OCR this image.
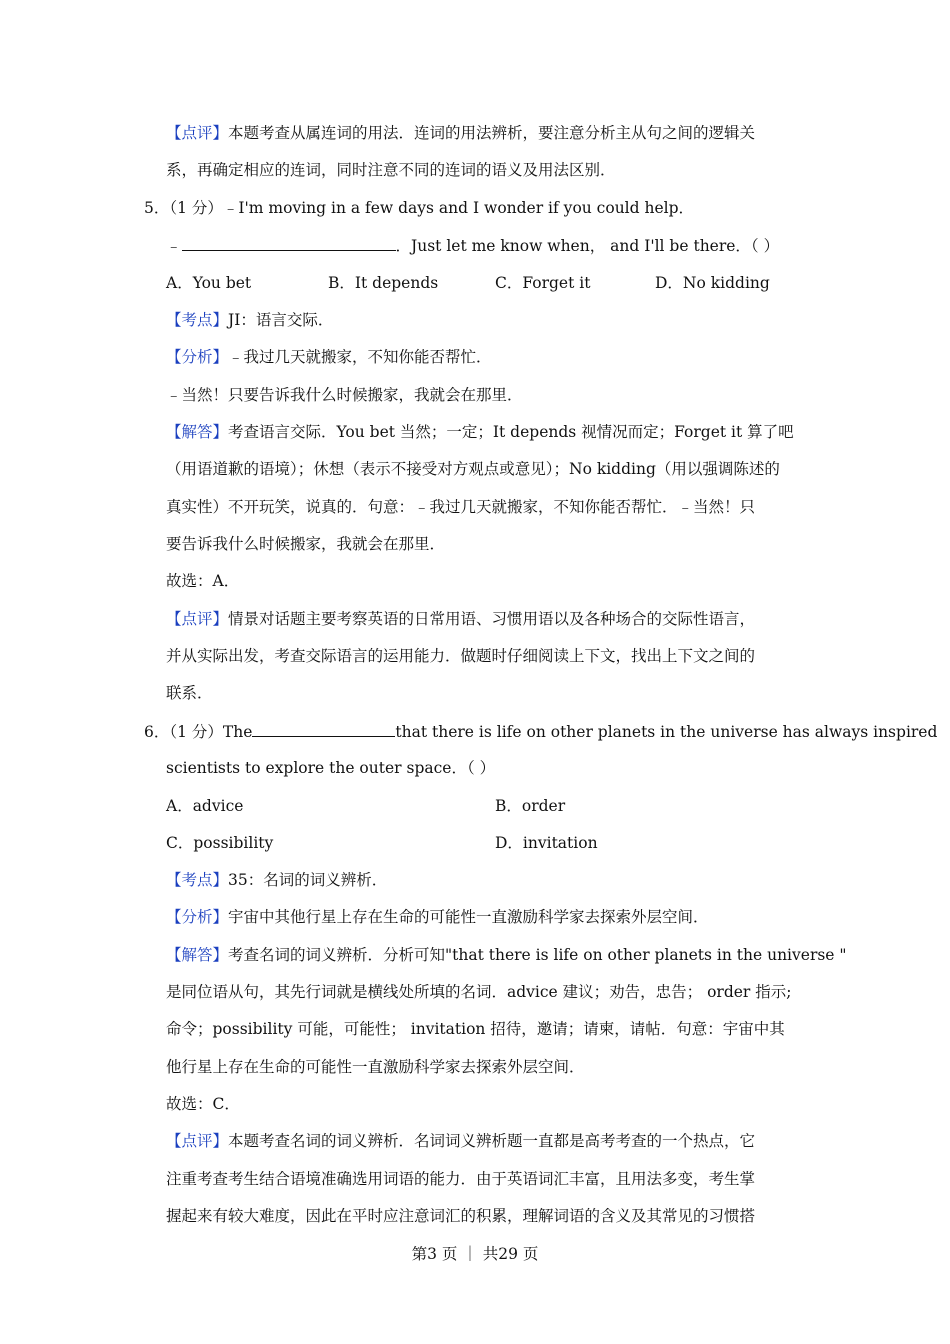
【点评】本题考查从属连词的用法．连词的用法辨析，要注意分析主从句之间的逻辑关
系，再确定相应的连词，同时注意不同的连词的语义及用法区别．
5．（1 分）﹣I'm moving in a few days and I wonder if you could help．
﹣	．Just let me know when， and I'll be there．（ ）
A．You bet	B．It depends	C．Forget it	D．No kidding
【考点】JI：语言交际．
【分析】﹣我过几天就搬家，不知你能否帮忙．
﹣当然！只要告诉我什么时候搬家，我就会在那里．
【解答】考查语言交际．You bet 当然；一定；It depends 视情况而定；Forget it 算了吧
（用语道歉的语境）；休想（表示不接受对方观点或意见）；No kidding（用以强调陈述的
真实性）不开玩笑，说真的．句意：﹣我过几天就搬家，不知你能否帮忙．﹣当然！只
要告诉我什么时候搬家，我就会在那里．
故选：A．
【点评】情景对话题主要考察英语的日常用语、习惯用语以及各种场合的交际性语言，
并从实际出发，考查交际语言的运用能力．做题时仔细阅读上下文，找出上下文之间的
联系．
6．（1 分）The	that there is life on other planets in the universe has always inspired
scientists to explore the outer space．（ ）
A．advice	B．order
C．possibility	D．invitation
【考点】35：名词的词义辨析．
【分析】宇宙中其他行星上存在生命的可能性一直激励科学家去探索外层空间．
【解答】考查名词的词义辨析．分析可知"that there is life on other planets in the universe "
是同位语从句，其先行词就是横线处所填的名词．advice 建议；劝告，忠告； order 指示;
命令；possibility 可能，可能性； invitation 招待，邀请；请柬，请帖．句意：宇宙中其
他行星上存在生命的可能性一直激励科学家去探索外层空间．
故选：C．
【点评】本题考查名词的词义辨析．名词词义辨析题一直都是高考考查的一个热点，它
注重考查考生结合语境准确选用词语的能力．由于英语词汇丰富，且用法多变，考生掌
握起来有较大难度，因此在平时应注意词汇的积累，理解词语的含义及其常见的习惯搭
第3 页 ｜ 共29 页
